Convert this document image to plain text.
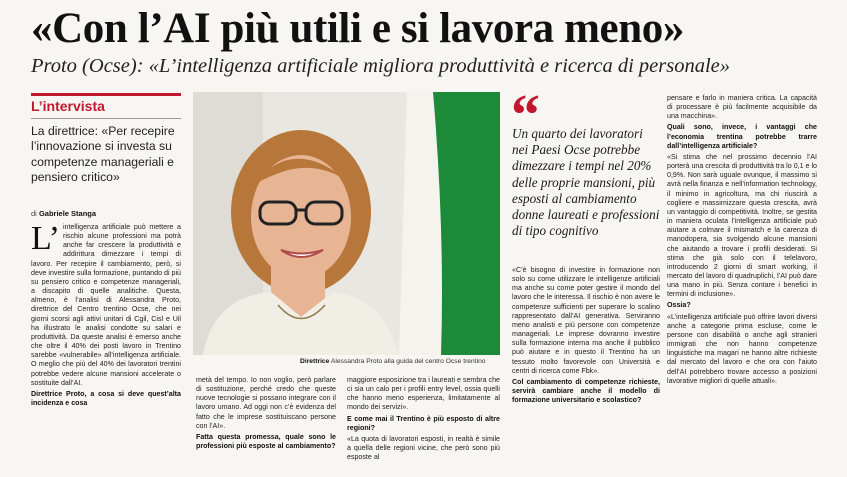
«Con l’AI più utili e si lavora meno»
Proto (Ocse): «L’intelligenza artificiale migliora produttività e ricerca di personale»
L’intervista
La direttrice: «Per recepire l’innovazione si investa su competenze manageriali e pensiero critico»
di Gabriele Stanga

L’ intelligenza artificiale può mettere a rischio alcune professioni ma potrà anche far crescere la produttività e addirittura dimezzare i tempi di lavoro. Per recepire il cambiamento, però, si deve investire sulla formazione, puntando di più su pensiero critico e competenze manageriali, a discapito di quelle analitiche. Questa, almeno, è l’analisi di Alessandra Proto, direttrice del Centro trentino Ocse, che nei giorni scorsi agli attivi unitari di Cgil, Cisl e Uil ha illustrato le analisi condotte su salari e produttività. Da queste analisi è emerso anche che oltre il 40% dei posti lavoro in Trentino sarebbe «vulnerabile» all’intelligenza artificiale. O meglio che più del 40% dei lavoratori trentini potrebbe vedere alcune mansioni accelerate o sostituite dall’AI.

Direttrice Proto, a cosa si deve quest’alta incidenza e cosa

Direttrice Alessandra Proto alla guida del centro Ocse trentino

metà del tempo. Io non voglio, però parlare di sostituzione, perché credo che queste nuove tecnologie si possano integrare con il lavoro umano. Ad oggi non c’è evidenza del fatto che le imprese sostituiscano persone con l’AI».

Fatta questa promessa, quale sono le professioni più esposte al cambiamento?

maggiore esposizione tra i laureati e sembra che ci sia un calo per i profili entry level, ossia quelli che hanno meno esperienza, limitatamente al mondo dei servizi».

E come mai il Trentino è più esposto di altre regioni?

«La quota di lavoratori esposti, in realtà è simile a quella delle regioni vicine, che però sono più esposte al

“
Un quarto dei lavoratori nei Paesi Ocse potrebbe dimezzare i tempi nel 20% delle proprie mansioni, più esposti al cambiamento donne laureati e professioni di tipo cognitivo

«C’è bisogno di investire in formazione non solo su come utilizzare le intelligenze artificiali ma anche su come poter gestire il mondo del lavoro che le interessa. Il rischio è non avere le competenze sufficienti per superare lo scalino rappresentato dall’AI generativa. Serviranno meno analisti e più persone con competenze manageriali. Le imprese dovranno investire sulla formazione interna ma anche il pubblico può aiutare e in questo il Trentino ha un tessuto molto favorevole con Università e centri di ricerca come Fbk».

Col cambiamento di competenze richieste, servirà cambiare anche il modello di formazione universitario e scolastico?

pensare e farlo in maniera critica. La capacità di processare è più facilmente acquisibile da una macchina».

Quali sono, invece, i vantaggi che l’economia trentina potrebbe trarre dall’intelligenza artificiale?

«Si stima che nel prossimo decennio l’AI porterà una crescita di produttività tra lo 0,1 e lo 0,9%. Non sarà uguale ovunque, il massimo si avrà nella finanza e nell’information technology, il minimo in agricoltura, ma chi riuscirà a cogliere e massimizzare questa crescita, avrà un vantaggio di competitività. Inoltre, se gestita in maniera oculata l’intelligenza artificiale può aiutare a colmare il mismatch e la carenza di manodopera, sia svolgendo alcune mansioni che aiutando a trovare i profili desiderati. Si stima che già solo con il telelavoro, introducendo 2 giorni di smart working, il mercato del lavoro di quadruplichi, l’AI può dare una mano in più. Senza contare i benefici in termini di inclusione».

Ossia?

«L’intelligenza artificiale può offrire lavori diversi anche a categorie prima escluse, come le persone con disabilità o anche agli stranieri immigrati che non hanno competenze linguistiche ma magari ne hanno altre richieste dal mercato del lavoro e che ora con l’aiuto dell’AI potrebbero trovare accesso a posizioni lavorative migliori di quelle attuali».
